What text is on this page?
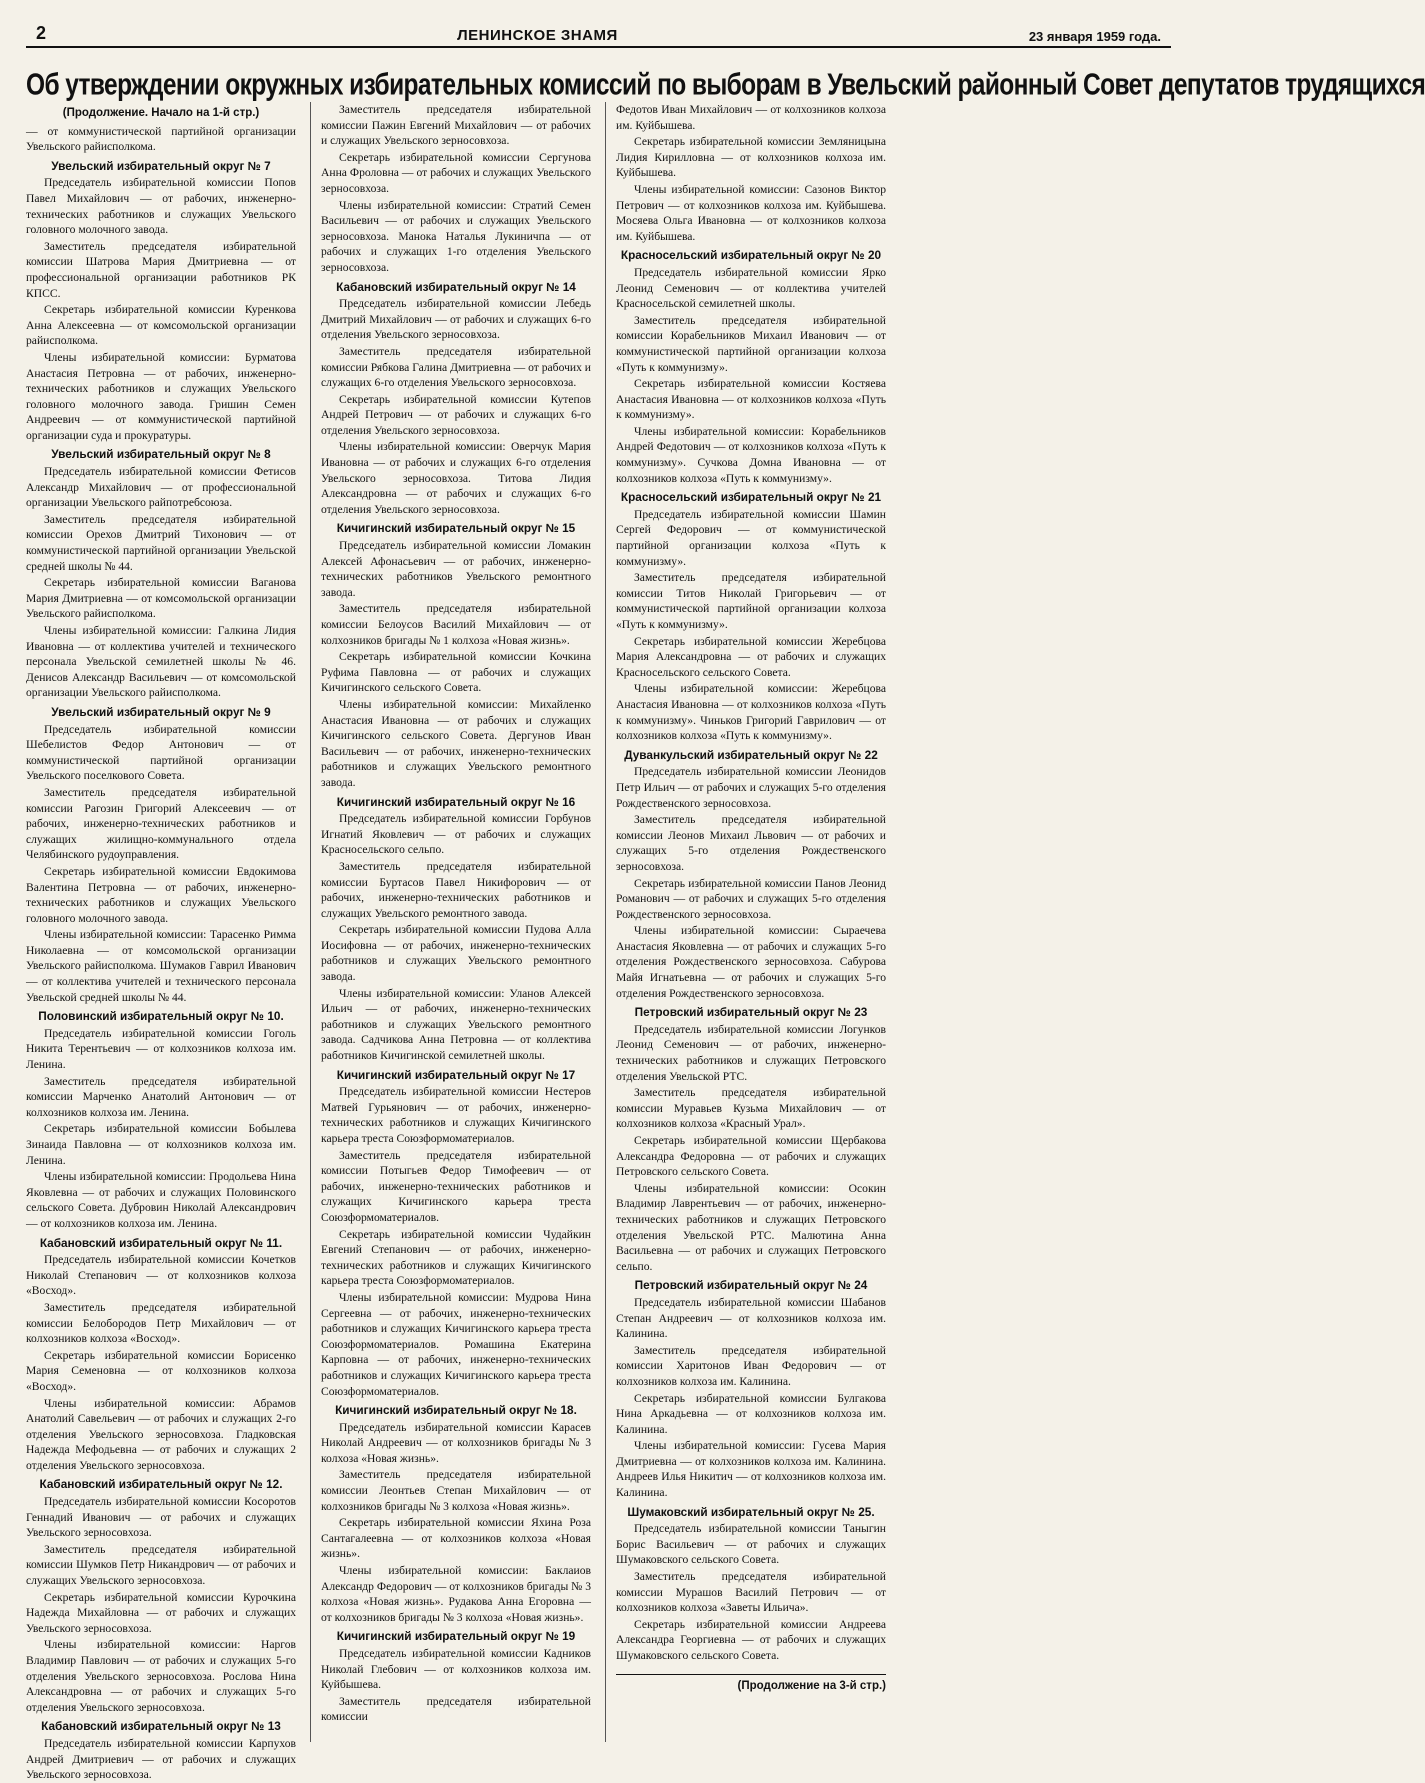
2	ЛЕНИНСКОЕ ЗНАМЯ	23 января 1959 года.
Об утверждении окружных избирательных комиссий по выборам в Увельский районный Совет депутатов трудящихся
(Продолжение. Начало на 1-й стр.)

— от коммунистической партийной организации Увельского райисполкома.

Увельский избирательный округ № 7

Председатель избирательной комиссии Попов Павел Михайлович — от рабочих, инженерно-технических работников и служащих Увельского головного молочного завода.

Заместитель председателя избирательной комиссии Шатрова Мария Дмитриевна — от профессиональной организации работников РК КПСС.

Секретарь избирательной комиссии Куренкова Анна Алексеевна — от комсомольской организации райисполкома.

Члены избирательной комиссии: Бурматова Анастасия Петровна — от рабочих, инженерно-технических работников и служащих Увельского головного молочного завода. Гришин Семен Андреевич — от коммунистической партийной организации суда и прокуратуры.

Увельский избирательный округ № 8

Председатель избирательной комиссии Фетисов Александр Михайлович — от профессиональной организации Увельского райпотребсоюза.

Заместитель председателя избирательной комиссии Орехов Дмитрий Тихонович — от коммунистической партийной организации Увельской средней школы № 44.

Секретарь избирательной комиссии Ваганова Мария Дмитриевна — от комсомольской организации Увельского райисполкома.

Члены избирательной комиссии: Галкина Лидия Ивановна — от коллектива учителей и технического персонала Увельской семилетней школы № 46. Денисов Александр Васильевич — от комсомольской организации Увельского райисполкома.

Увельский избирательный округ № 9

Председатель избирательной комиссии Шебелистов Федор Антонович — от коммунистической партийной организации Увельского поселкового Совета.

Заместитель председателя избирательной комиссии Рагозин Григорий Алексеевич — от рабочих, инженерно-технических работников и служащих жилищно-коммунального отдела Челябинского рудоуправления.

Секретарь избирательной комиссии Евдокимова Валентина Петровна — от рабочих, инженерно-технических работников и служащих Увельского головного молочного завода.

Члены избирательной комиссии: Тарасенко Римма Николаевна — от комсомольской организации Увельского райисполкома. Шумаков Гаврил Иванович — от коллектива учителей и технического персонала Увельской средней школы № 44.

Половинский избирательный округ № 10.

Председатель избирательной комиссии Гоголь Никита Терентьевич — от колхозников колхоза им. Ленина.

Заместитель председателя избирательной комиссии Марченко Анатолий Антонович — от колхозников колхоза им. Ленина.

Секретарь избирательной комиссии Бобылева Зинаида Павловна — от колхозников колхоза им. Ленина.

Члены избирательной комиссии: Продольева Нина Яковлевна — от рабочих и служащих Половинского сельского Совета. Дубровин Николай Александрович — от колхозников колхоза им. Ленина.

Кабановский избирательный округ № 11.

Председатель избирательной комиссии Кочетков Николай Степанович — от колхозников колхоза «Восход».

Заместитель председателя избирательной комиссии Белобородов Петр Михайлович — от колхозников колхоза «Восход».

Секретарь избирательной комиссии Борисенко Мария Семеновна — от колхозников колхоза «Восход».

Члены избирательной комиссии: Абрамов Анатолий Савельевич — от рабочих и служащих 2-го отделения Увельского зерносовхоза. Гладковская Надежда Мефодьевна — от рабочих и служащих 2 отделения Увельского зерносовхоза.

Кабановский избирательный округ № 12.

Председатель избирательной комиссии Косоротов Геннадий Иванович — от рабочих и служащих Увельского зерносовхоза.

Заместитель председателя избирательной комиссии Шумков Петр Никандрович — от рабочих и служащих Увельского зерносовхоза.

Секретарь избирательной комиссии Курочкина Надежда Михайловна — от рабочих и служащих Увельского зерносовхоза.

Члены избирательной комиссии: Наргов Владимир Павлович — от рабочих и служащих 5-го отделения Увельского зерносовхоза. Рослова Нина Александровна — от рабочих и служащих 5-го отделения Увельского зерносовхоза.

Кабановский избирательный округ № 13

Председатель избирательной комиссии Карпухов Андрей Дмитриевич — от рабочих и служащих Увельского зерносовхоза.

Заместитель председателя избирательной комиссии Пажин Евгений Михайлович — от рабочих и служащих Увельского зерносовхоза.

Секретарь избирательной комиссии Сергунова Анна Фроловна — от рабочих и служащих Увельского зерносовхоза.

Члены избирательной комиссии: Стратий Семен Васильевич — от рабочих и служащих Увельского зерносовхоза. Манока Наталья Лукиничпа — от рабочих и служащих 1-го отделения Увельского зерносовхоза.

Кабановский избирательный округ № 14

Председатель избирательной комиссии Лебедь Дмитрий Михайлович — от рабочих и служащих 6-го отделения Увельского зерносовхоза.

Заместитель председателя избирательной комиссии Рябкова Галина Дмитриевна — от рабочих и служащих 6-го отделения Увельского зерносовхоза.

Секретарь избирательной комиссии Кутепов Андрей Петрович — от рабочих и служащих 6-го отделения Увельского зерносовхоза.

Члены избирательной комиссии: Оверчук Мария Ивановна — от рабочих и служащих 6-го отделения Увельского зерносовхоза. Титова Лидия Александровна — от рабочих и служащих 6-го отделения Увельского зерносовхоза.

Кичигинский избирательный округ № 15

Председатель избирательной комиссии Ломакин Алексей Афонасьевич — от рабочих, инженерно-технических работников Увельского ремонтного завода.

Заместитель председателя избирательной комиссии Белоусов Василий Михайлович — от колхозников бригады № 1 колхоза «Новая жизнь».

Секретарь избирательной комиссии Кочкина Руфима Павловна — от рабочих и служащих Кичигинского сельского Совета.

Члены избирательной комиссии: Михайленко Анастасия Ивановна — от рабочих и служащих Кичигинского сельского Совета. Дергунов Иван Васильевич — от рабочих, инженерно-технических работников и служащих Увельского ремонтного завода.

Кичигинский избирательный округ № 16

Председатель избирательной комиссии Горбунов Игнатий Яковлевич — от рабочих и служащих Красносельского сельпо.

Заместитель председателя избирательной комиссии Буртасов Павел Никифорович — от рабочих, инженерно-технических работников и служащих Увельского ремонтного завода.

Секретарь избирательной комиссии Пудова Алла Иосифовна — от рабочих, инженерно-технических работников и служащих Увельского ремонтного завода.

Члены избирательной комиссии: Уланов Алексей Ильич — от рабочих, инженерно-технических работников и служащих Увельского ремонтного завода. Садчикова Анна Петровна — от коллектива работников Кичигинской семилетней школы.

Кичигинский избирательный округ № 17

Председатель избирательной комиссии Нестеров Матвей Гурьянович — от рабочих, инженерно-технических работников и служащих Кичигинского карьера треста Союзформоматериалов.

Заместитель председателя избирательной комиссии Потыгьев Федор Тимофеевич — от рабочих, инженерно-технических работников и служащих Кичигинского карьера треста Союзформоматериалов.

Секретарь избирательной комиссии Чудайкин Евгений Степанович — от рабочих, инженерно-технических работников и служащих Кичигинского карьера треста Союзформоматериалов.

Члены избирательной комиссии: Мудрова Нина Сергеевна — от рабочих, инженерно-технических работников и служащих Кичигинского карьера треста Союзформоматериалов. Ромашина Екатерина Карповна — от рабочих, инженерно-технических работников и служащих Кичигинского карьера треста Союзформоматериалов.

Кичигинский избирательный округ № 18.

Председатель избирательной комиссии Карасев Николай Андреевич — от колхозников бригады № 3 колхоза «Новая жизнь».

Заместитель председателя избирательной комиссии Леонтьев Степан Михайлович — от колхозников бригады № 3 колхоза «Новая жизнь».

Секретарь избирательной комиссии Яхина Роза Сантагалеевна — от колхозников колхоза «Новая жизнь».

Члены избирательной комиссии: Баклаиов Александр Федорович — от колхозников бригады № 3 колхоза «Новая жизнь». Рудакова Анна Егоровна — от колхозников бригады № 3 колхоза «Новая жизнь».

Кичигинский избирательный округ № 19

Председатель избирательной комиссии Кадников Николай Глебович — от колхозников колхоза им. Куйбышева.

Заместитель председателя избирательной комиссии

Федотов Иван Михайлович — от колхозников колхоза им. Куйбышева.

Секретарь избирательной комиссии Земляницына Лидия Кирилловна — от колхозников колхоза им. Куйбышева.

Члены избирательной комиссии: Сазонов Виктор Петрович — от колхозников колхоза им. Куйбышева. Мосяева Ольга Ивановна — от колхозников колхоза им. Куйбышева.

Красносельский избирательный округ № 20

Председатель избирательной комиссии Ярко Леонид Семенович — от коллектива учителей Красносельской семилетней школы.

Заместитель председателя избирательной комиссии Корабельников Михаил Иванович — от коммунистической партийной организации колхоза «Путь к коммунизму».

Секретарь избирательной комиссии Костяева Анастасия Ивановна — от колхозников колхоза «Путь к коммунизму».

Члены избирательной комиссии: Корабельников Андрей Федотович — от колхозников колхоза «Путь к коммунизму». Сучкова Домна Ивановна — от колхозников колхоза «Путь к коммунизму».

Красносельский избирательный округ № 21

Председатель избирательной комиссии Шамин Сергей Федорович — от коммунистической партийной организации колхоза «Путь к коммунизму».

Заместитель председателя избирательной комиссии Титов Николай Григорьевич — от коммунистической партийной организации колхоза «Путь к коммунизму».

Секретарь избирательной комиссии Жеребцова Мария Александровна — от рабочих и служащих Красносельского сельского Совета.

Члены избирательной комиссии: Жеребцова Анастасия Ивановна — от колхозников колхоза «Путь к коммунизму». Чиньков Григорий Гаврилович — от колхозников колхоза «Путь к коммунизму».

Дуванкульский избирательный округ № 22

Председатель избирательной комиссии Леонидов Петр Ильич — от рабочих и служащих 5-го отделения Рождественского зерносовхоза.

Заместитель председателя избирательной комиссии Леонов Михаил Львович — от рабочих и служащих 5-го отделения Рождественского зерносовхоза.

Секретарь избирательной комиссии Панов Леонид Романович — от рабочих и служащих 5-го отделения Рождественского зерносовхоза.

Члены избирательной комиссии: Сыраечева Анастасия Яковлевна — от рабочих и служащих 5-го отделения Рождественского зерносовхоза. Сабурова Майя Игнатьевна — от рабочих и служащих 5-го отделения Рождественского зерносовхоза.

Петровский избирательный округ № 23

Председатель избирательной комиссии Логунков Леонид Семенович — от рабочих, инженерно-технических работников и служащих Петровского отделения Увельской РТС.

Заместитель председателя избирательной комиссии Муравьев Кузьма Михайлович — от колхозников колхоза «Красный Урал».

Секретарь избирательной комиссии Щербакова Александра Федоровна — от рабочих и служащих Петровского сельского Совета.

Члены избирательной комиссии: Осокин Владимир Лаврентьевич — от рабочих, инженерно-технических работников и служащих Петровского отделения Увельской РТС. Малютина Анна Васильевна — от рабочих и служащих Петровского сельпо.

Петровский избирательный округ № 24

Председатель избирательной комиссии Шабанов Степан Андреевич — от колхозников колхоза им. Калинина.

Заместитель председателя избирательной комиссии Харитонов Иван Федорович — от колхозников колхоза им. Калинина.

Секретарь избирательной комиссии Булгакова Нина Аркадьевна — от колхозников колхоза им. Калинина.

Члены избирательной комиссии: Гусева Мария Дмитриевна — от колхозников колхоза им. Калинина. Андреев Илья Никитич — от колхозников колхоза им. Калинина.

Шумаковский избирательный округ № 25.

Председатель избирательной комиссии Таныгин Борис Васильевич — от рабочих и служащих Шумаковского сельского Совета.

Заместитель председателя избирательной комиссии Мурашов Василий Петрович — от колхозников колхоза «Заветы Ильича».

Секретарь избирательной комиссии Андреева Александра Георгиевна — от рабочих и служащих Шумаковского сельского Совета.

(Продолжение на 3-й стр.)
